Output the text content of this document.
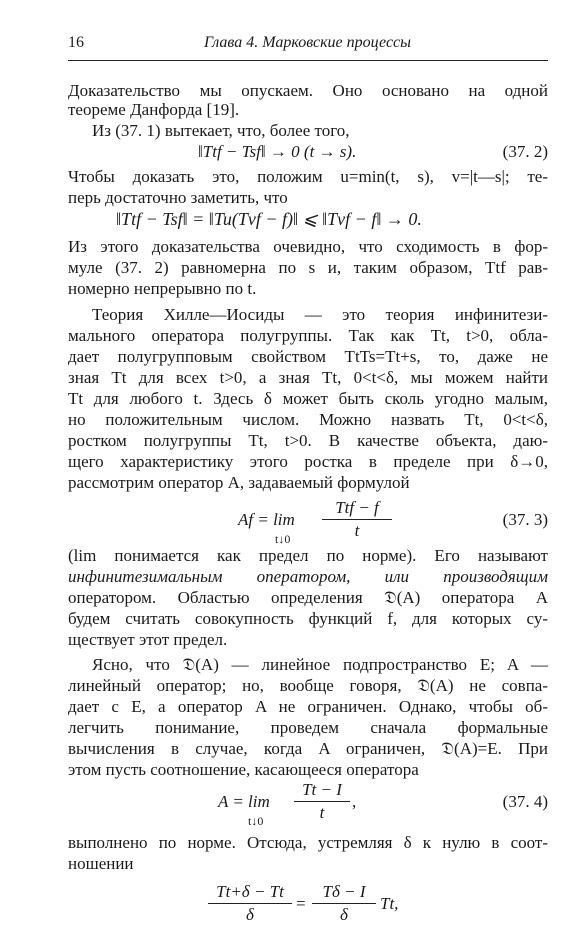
16	Глава 4. Марковские процессы
Доказательство мы опускаем. Оно основано на одной
теореме Данфорда [19].
Из (37. 1) вытекает, что, более того,
‖Ttf − Tsf‖ → 0 (t → s).	(37. 2)
Чтобы доказать это, положим u=min(t, s), v=|t—s|; те-
перь достаточно заметить, что
‖Ttf − Tsf‖ = ‖Tu(Tvf − f)‖ ⩽ ‖Tvf − f‖ → 0.
Из этого доказательства очевидно, что сходимость в фор-
муле (37. 2) равномерна по s и, таким образом, Ttf рав-
номерно непрерывно по t.
Теория Хилле—Иосиды — это теория инфинитези-
мального оператора полугруппы. Так как Tt, t>0, обла-
дает полугрупповым свойством TtTs=Tt+s, то, даже не
зная Tt для всех t>0, а зная Tt, 0<t<δ, мы можем найти
Tt для любого t. Здесь δ может быть сколь угодно малым,
но положительным числом. Можно назвать Tt, 0<t<δ,
ростком полугруппы Tt, t>0. В качестве объекта, даю-
щего характеристику этого ростка в пределе при δ→0,
рассмотрим оператор A, задаваемый формулой
Af = lim
t↓0
Ttf − f
t
(37. 3)
(lim понимается как предел по норме). Его называют
инфинитезимальным оператором, или производящим
оператором. Областью определения 𝔇(A) оператора A
будем считать совокупность функций f, для которых су-
ществует этот предел.
Ясно, что 𝔇(A) — линейное подпространство E; A —
линейный оператор; но, вообще говоря, 𝔇(A) не совпа-
дает с E, а оператор A не ограничен. Однако, чтобы об-
легчить понимание, проведем сначала формальные
вычисления в случае, когда A ограничен, 𝔇(A)=E. При
этом пусть соотношение, касающееся оператора
A = lim
t↓0 $\frac{Tt - I}{t}$ ,	(37. 4)
выполнено по норме. Отсюда, устремляя δ к нулю в соот-
ношении
$\frac{Tt+\delta - Tt}{\delta} = \frac{T\delta - I}{\delta} Tt$,
